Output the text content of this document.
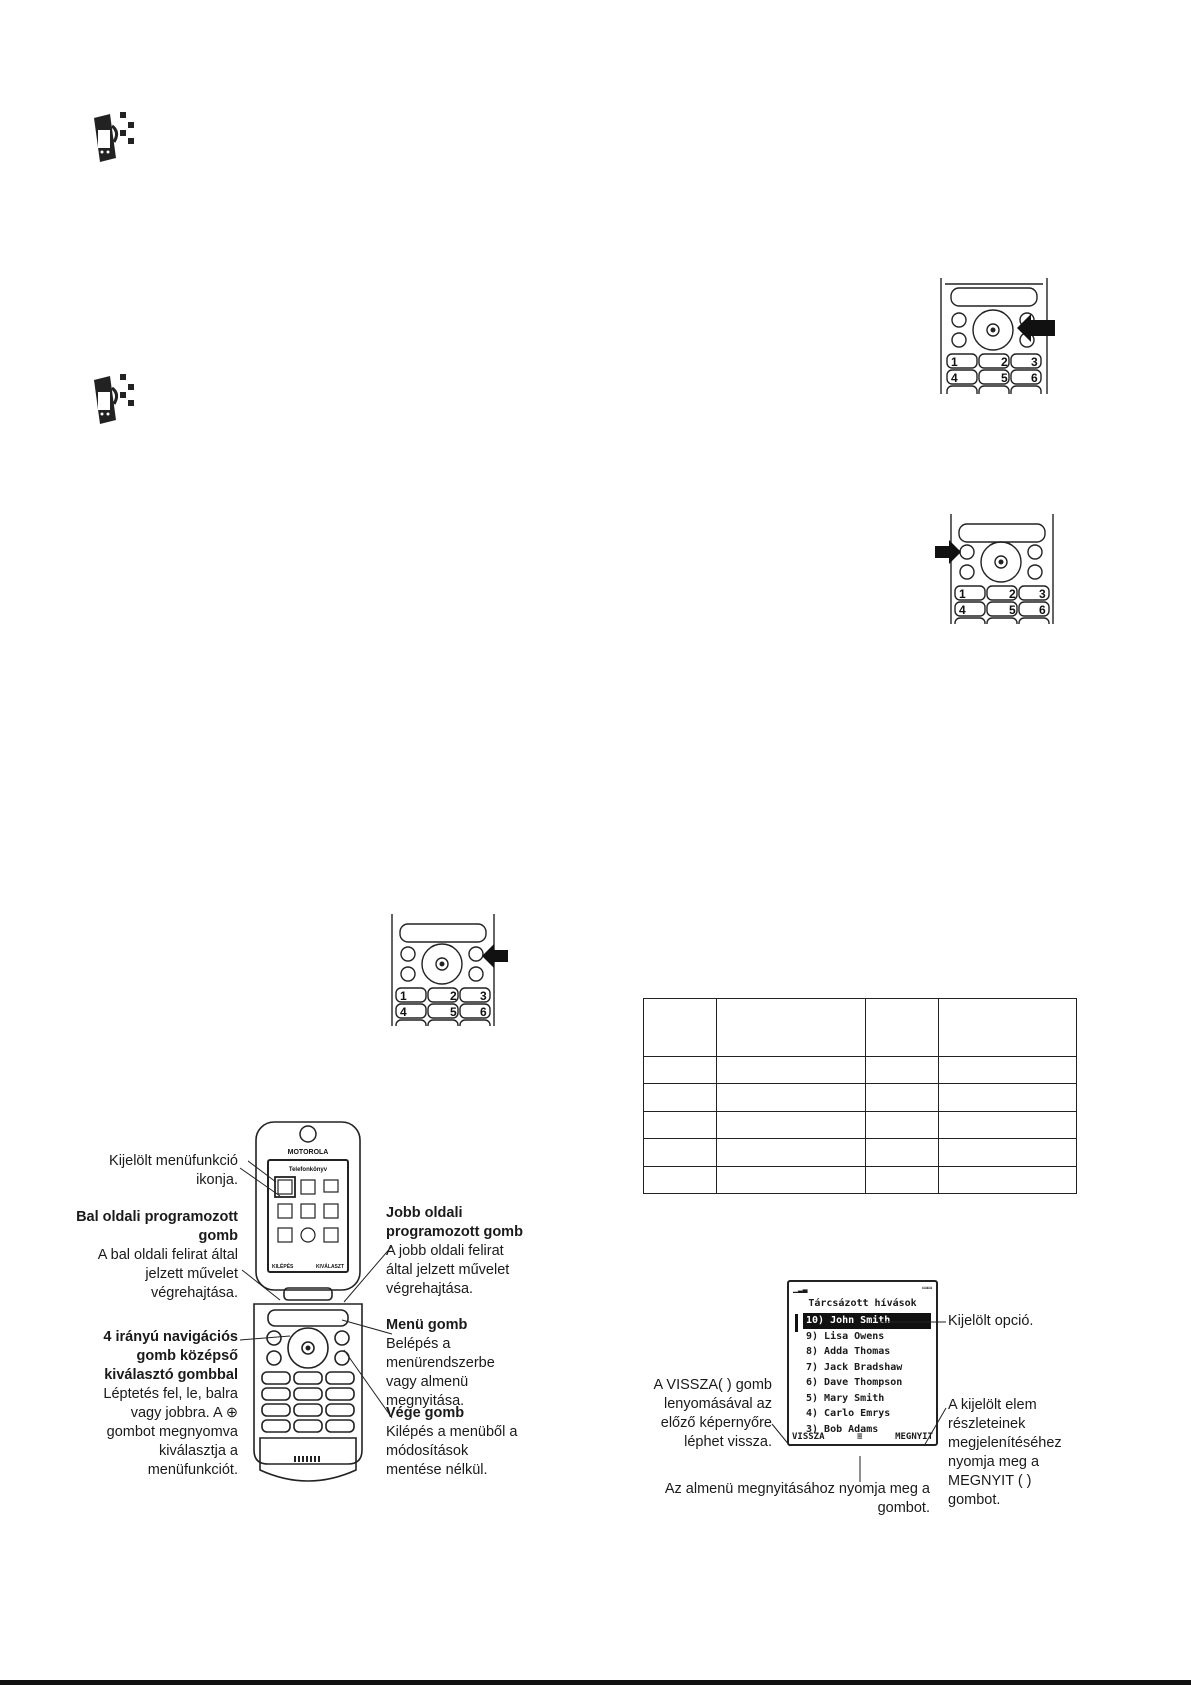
1	2 3
4	5 6
1	2 3
4	5 6
1	2 3
4	5 6

MOTOROLA
Telefonkönyv
KILÉPÉS	KIVÁLASZT
Kijelölt menüfunkció ikonja.
Bal oldali programozott gomb
A bal oldali felirat által jelzett művelet végrehajtása.
4 irányú navigációs gomb középső kiválasztó gombbal
Léptetés fel, le, balra vagy jobbra. A ⊕ gombot megnyomva kiválasztja a menüfunkciót.
Jobb oldali programozott gomb
A jobb oldali felirat által jelzett művelet végrehajtása.
Menü gomb
Belépés a menürendszerbe vagy almenü megnyitása.
Vége gomb
Kilépés a menüből a módosítások mentése nélkül.
▁▂▃	▭▭
Tárcsázott hívások
10) John Smith
9) Lisa Owens
8) Adda Thomas
7) Jack Bradshaw
6) Dave Thompson
5) Mary Smith
4) Carlo Emrys
3) Bob Adams
VISSZA	≡	MEGNYIT
Kijelölt opció.
A VISSZA( ) gomb lenyomásával az előző képernyőre léphet vissza.
A kijelölt elem részleteinek megjelenítéséhez nyomja meg a MEGNYIT ( ) gombot.
Az almenü megnyitásához nyomja meg a gombot.
